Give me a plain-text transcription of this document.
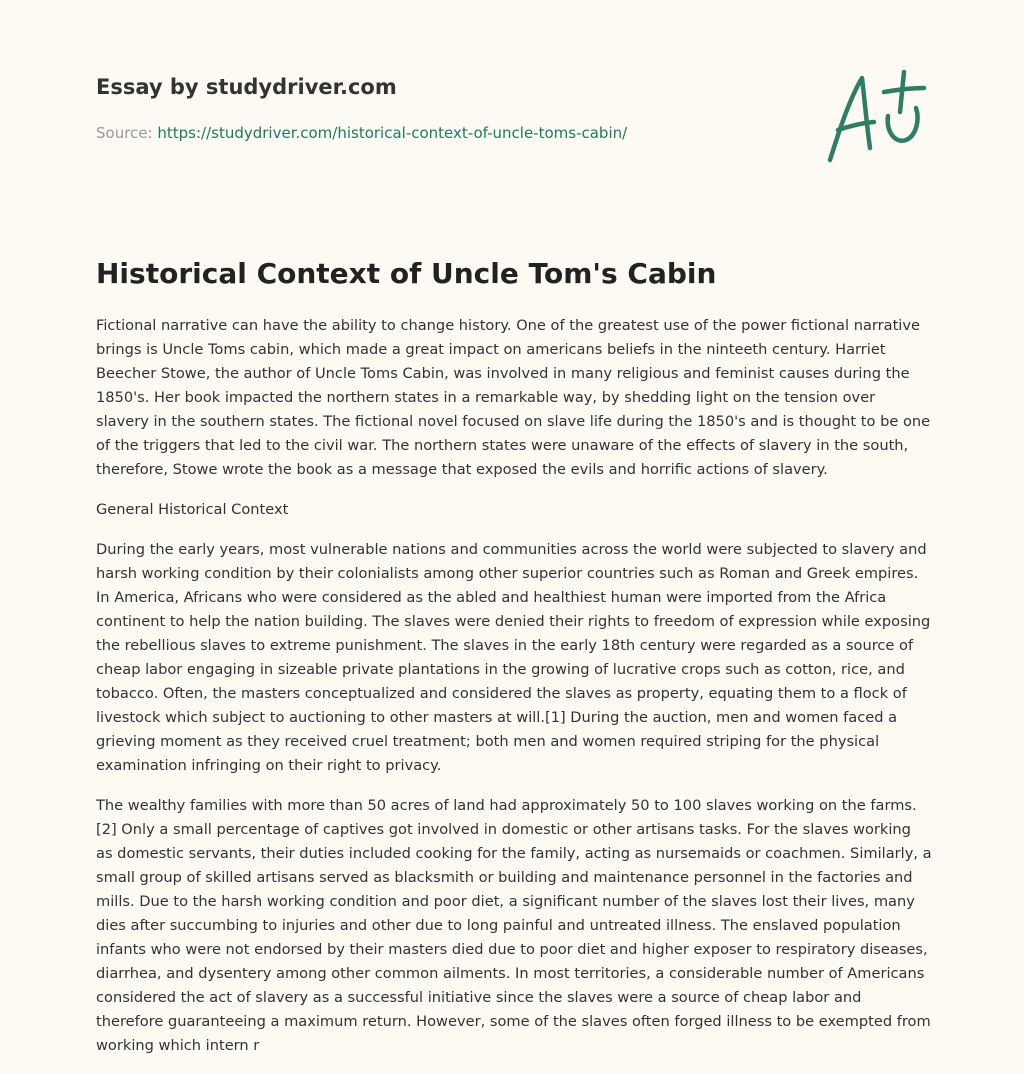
Essay by studydriver.com
Source: https://studydriver.com/historical-context-of-uncle-toms-cabin/
Historical Context of Uncle Tom's Cabin

Fictional narrative can have the ability to change history. One of the greatest use of the power fictional narrative brings is Uncle Toms cabin, which made a great impact on americans beliefs in the ninteeth century. Harriet Beecher Stowe, the author of Uncle Toms Cabin, was involved in many religious and feminist causes during the 1850's. Her book impacted the northern states in a remarkable way, by shedding light on the tension over slavery in the southern states. The fictional novel focused on slave life during the 1850's and is thought to be one of the triggers that led to the civil war. The northern states were unaware of the effects of slavery in the south, therefore, Stowe wrote the book as a message that exposed the evils and horrific actions of slavery.

General Historical Context

During the early years, most vulnerable nations and communities across the world were subjected to slavery and harsh working condition by their colonialists among other superior countries such as Roman and Greek empires. In America, Africans who were considered as the abled and healthiest human were imported from the Africa continent to help the nation building. The slaves were denied their rights to freedom of expression while exposing the rebellious slaves to extreme punishment. The slaves in the early 18th century were regarded as a source of cheap labor engaging in sizeable private plantations in the growing of lucrative crops such as cotton, rice, and tobacco. Often, the masters conceptualized and considered the slaves as property, equating them to a flock of livestock which subject to auctioning to other masters at will.[1] During the auction, men and women faced a grieving moment as they received cruel treatment; both men and women required striping for the physical examination infringing on their right to privacy.

The wealthy families with more than 50 acres of land had approximately 50 to 100 slaves working on the farms.[2] Only a small percentage of captives got involved in domestic or other artisans tasks. For the slaves working as domestic servants, their duties included cooking for the family, acting as nursemaids or coachmen. Similarly, a small group of skilled artisans served as blacksmith or building and maintenance personnel in the factories and mills. Due to the harsh working condition and poor diet, a significant number of the slaves lost their lives, many dies after succumbing to injuries and other due to long painful and untreated illness. The enslaved population infants who were not endorsed by their masters died due to poor diet and higher exposer to respiratory diseases, diarrhea, and dysentery among other common ailments. In most territories, a considerable number of Americans considered the act of slavery as a successful initiative since the slaves were a source of cheap labor and therefore guaranteeing a maximum return. However, some of the slaves often forged illness to be exempted from working which intern r
